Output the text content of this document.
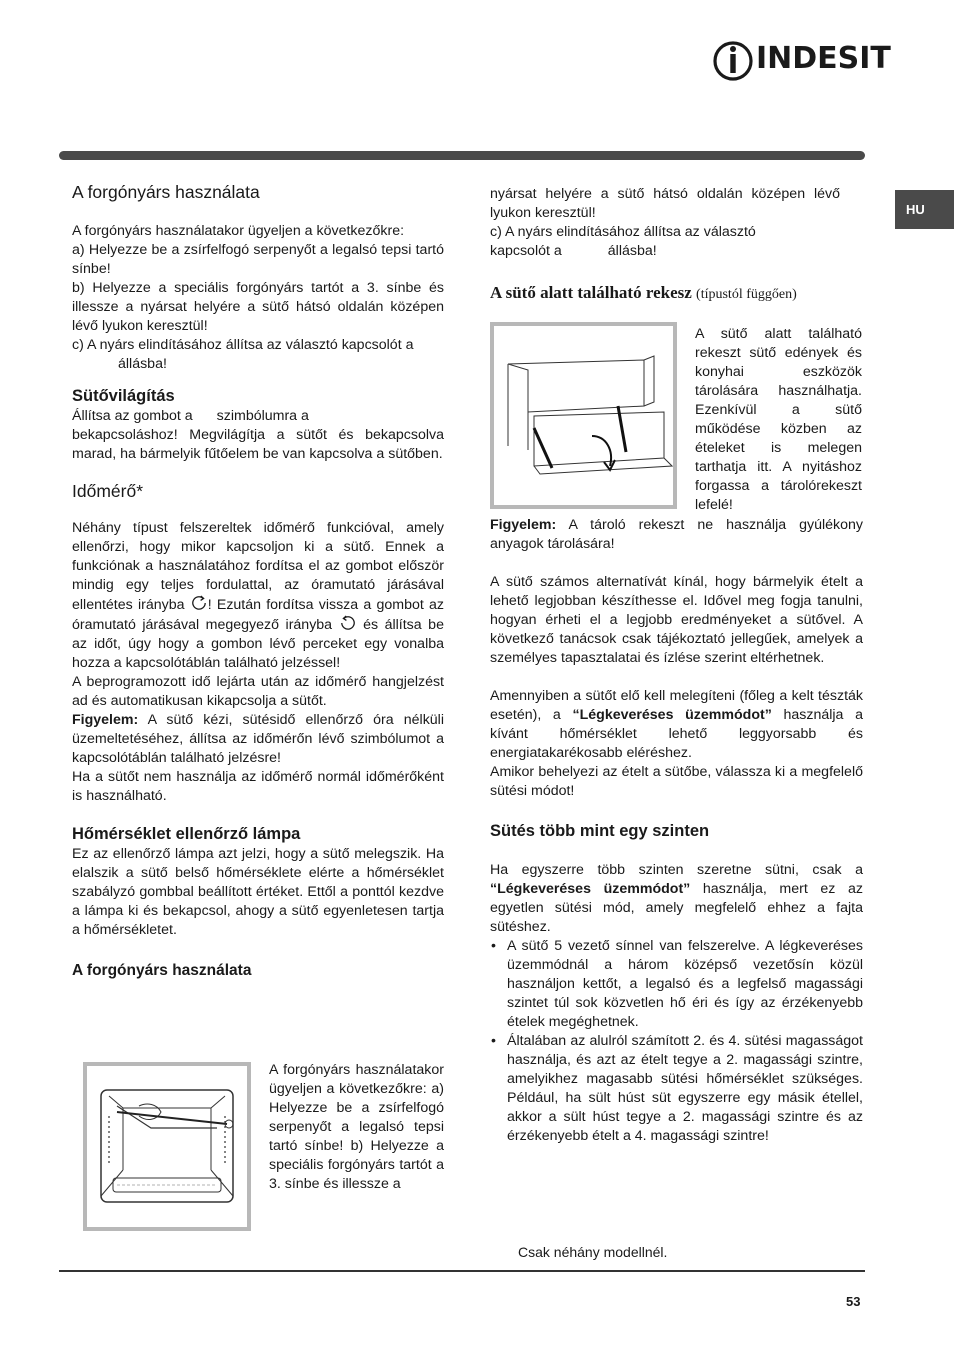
INDESIT
HU
A forgónyárs használata

A forgónyárs használatakor ügyeljen a következőkre:

a) Helyezze be a zsírfelfogó serpenyőt a legalsó tepsi tartó sínbe!

b) Helyezze a speciális forgónyárs tartót a 3. sínbe és illessze a nyársat helyére a sütő hátsó oldalán középen lévő lyukon keresztül!

c) A nyárs elindításához állítsa az választó kapcsolót a

állásba!

Sütővilágítás

Állítsa az gombot a szimbólumra a

bekapcsoláshoz! Megvilágítja a sütőt és bekapcsolva marad, ha bármelyik fűtőelem be van kapcsolva a sütőben.

Időmérő*

Néhány típust felszereltek időmérő funkcióval, amely ellenőrzi, hogy mikor kapcsoljon ki a sütő. Ennek a funkciónak a használatához fordítsa el az gombot először mindig egy teljes fordulattal, az óramutató járásával ellentétes irányba ! Ezután fordítsa vissza a gombot az óramutató járásával megegyező irányba és állítsa be az időt, úgy hogy a gombon lévő perceket egy vonalba hozza a kapcsolótáblán található jelzéssel!

A beprogramozott idő lejárta után az időmérő hangjelzést ad és automatikusan kikapcsolja a sütőt.

Figyelem: A sütő kézi, sütésidő ellenőrző óra nélküli üzemeltetéséhez, állítsa az időmérőn lévő szimbólumot a kapcsolótáblán található jelzésre!

Ha a sütőt nem használja az időmérő normál időmérőként is használható.

Hőmérséklet ellenőrző lámpa

Ez az ellenőrző lámpa azt jelzi, hogy a sütő melegszik. Ha elalszik a sütő belső hőmérséklete elérte a hőmérséklet szabályzó gombbal beállított értéket. Ettől a ponttól kezdve a lámpa ki és bekapcsol, ahogy a sütő egyenletesen tartja a hőmérsékletet.

A forgónyárs használata

A forgónyárs használatakor ügyeljen a következőkre: a) Helyezze be a zsírfelfogó serpenyőt a legalsó tepsi tartó sínbe! b) Helyezze a speciális forgónyárs tartót a 3. sínbe és illessze a

nyársat helyére a sütő hátsó oldalán középen lévő lyukon keresztül!

c) A nyárs elindításához állítsa az választó
kapcsolót a	állásba!

A sütő alatt található rekesz (típustól függően)

A sütő alatt található rekeszt sütő edények és konyhai eszközök tárolására használhatja. Ezenkívül a sütő működése közben az ételeket is melegen tarthatja itt. A nyitáshoz forgassa a tárolórekeszt lefelé!

Figyelem: A tároló rekeszt ne használja gyúlékony anyagok tárolására!

A sütő számos alternatívát kínál, hogy bármelyik ételt a lehető legjobban készíthesse el. Idővel meg fogja tanulni, hogyan érheti el a legjobb eredményeket a sütővel. A következő tanácsok csak tájékoztató jellegűek, amelyek a személyes tapasztalatai és ízlése szerint eltérhetnek.

Amennyiben a sütőt elő kell melegíteni (főleg a kelt tészták esetén), a “Légkeveréses üzemmódot” használja a kívánt hőmérséklet lehető leggyorsabb és energiatakarékosabb eléréshez.

Amikor behelyezi az ételt a sütőbe, válassza ki a megfelelő sütési módot!

Sütés több mint egy szinten

Ha egyszerre több szinten szeretne sütni, csak a “Légkeveréses üzemmódot” használja, mert ez az egyetlen sütési mód, amely megfelelő ehhez a fajta sütéshez.

• A sütő 5 vezető sínnel van felszerelve. A légkeveréses üzemmódnál a három középső vezetősín közül használjon kettőt, a legalsó és a legfelső magassági szintet túl sok közvetlen hő éri és így az érzékenyebb ételek megéghetnek.
• Általában az alulról számított 2. és 4. sütési magasságot használja, és azt az ételt tegye a 2. magassági szintre, amelyikhez magasabb sütési hőmérséklet szükséges. Például, ha sült húst süt egyszerre egy másik étellel, akkor a sült húst tegye a 2. magassági szintre és az érzékenyebb ételt a 4. magassági szintre!
Csak néhány modellnél.
53
